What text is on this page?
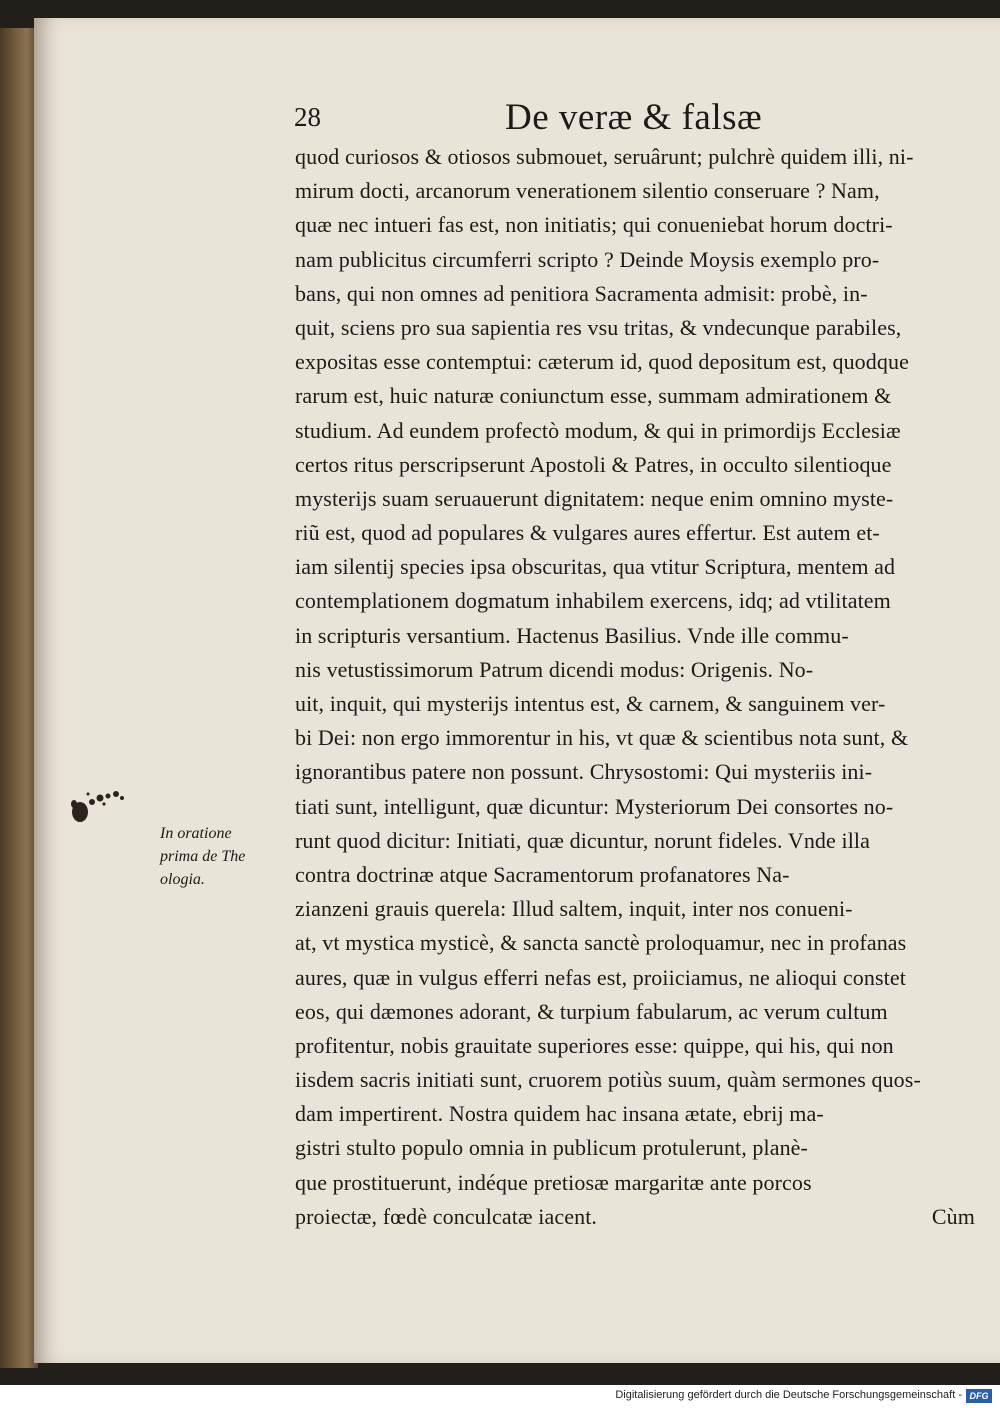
28	De veræ & falsæ
In oratione
prima de The
ologia.
quod curiosos & otiosos submouet, seruârunt; pulchrè quidem illi, ni-
mirum docti, arcanorum venerationem silentio conseruare ? Nam,
quæ nec intueri fas est, non initiatis; qui conueniebat horum doctri-
nam publicitus circumferri scripto ? Deinde Moysis exemplo pro-
bans, qui non omnes ad penitiora Sacramenta admisit: probè, in-
quit, sciens pro sua sapientia res vsu tritas, & vndecunque parabiles,
expositas esse contemptui: cæterum id, quod depositum est, quodque
rarum est, huic naturæ coniunctum esse, summam admirationem &
studium. Ad eundem profectò modum, & qui in primordijs Ecclesiæ
certos ritus perscripserunt Apostoli & Patres, in occulto silentioque
mysterijs suam seruauerunt dignitatem: neque enim omnino myste-
riũ est, quod ad populares & vulgares aures effertur. Est autem et-
iam silentij species ipsa obscuritas, qua vtitur Scriptura, mentem ad
contemplationem dogmatum inhabilem exercens, idq; ad vtilitatem
in scripturis versantium. Hactenus Basilius. Vnde ille commu-
nis vetustissimorum Patrum dicendi modus: Origenis. No-
uit, inquit, qui mysterijs intentus est, & carnem, & sanguinem ver-
bi Dei: non ergo immorentur in his, vt quæ & scientibus nota sunt, &
ignorantibus patere non possunt. Chrysostomi: Qui mysteriis ini-
tiati sunt, intelligunt, quæ dicuntur: Mysteriorum Dei consortes no-
runt quod dicitur: Initiati, quæ dicuntur, norunt fideles. Vnde illa
contra doctrinæ atque Sacramentorum profanatores Na-
zianzeni grauis querela: Illud saltem, inquit, inter nos conueni-
at, vt mystica mysticè, & sancta sanctè proloquamur, nec in profanas
aures, quæ in vulgus efferri nefas est, proiiciamus, ne alioqui constet
eos, qui dæmones adorant, & turpium fabularum, ac verum cultum
profitentur, nobis grauitate superiores esse: quippe, qui his, qui non
iisdem sacris initiati sunt, cruorem potiùs suum, quàm sermones quos-
dam impertirent. Nostra quidem hac insana ætate, ebrij ma-
gistri stulto populo omnia in publicum protulerunt, planè-
que prostituerunt, indéque pretiosæ margaritæ ante porcos
proiectæ, fœdè conculcatæ iacent.	Cùm
Digitalisierung gefördert durch die Deutsche Forschungsgemeinschaft - DFG
